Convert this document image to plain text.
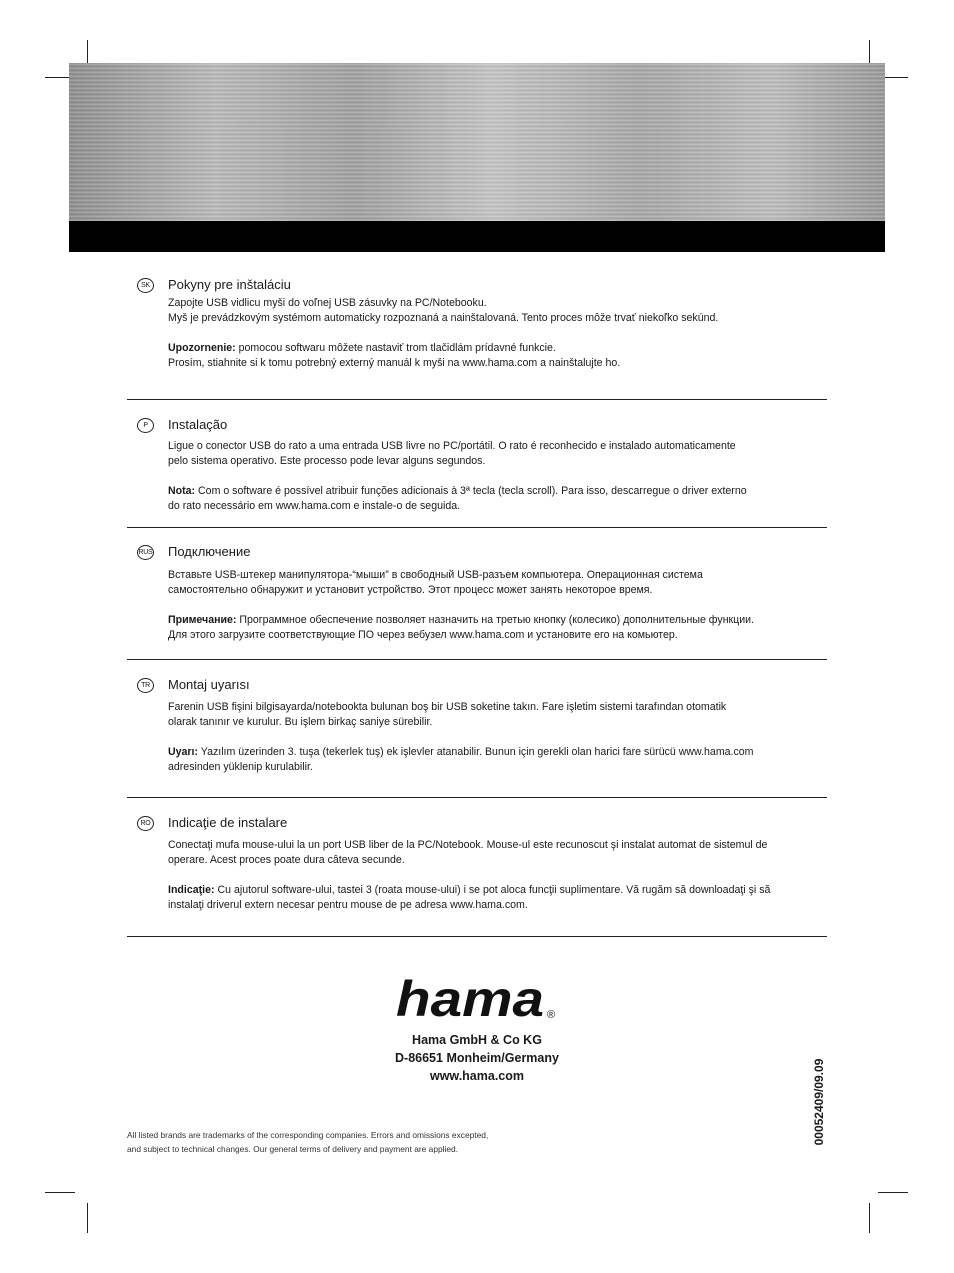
SK	Pokyny pre inštaláciu

Zapojte USB vidlicu myši do voľnej USB zásuvky na PC/Notebooku.

Myš je prevádzkovým systémom automaticky rozpoznaná a nainštalovaná. Tento proces môže trvať niekoľko sekúnd.

Upozornenie: pomocou softwaru môžete nastaviť trom tlačidlám prídavné funkcie.

Prosím, stiahnite si k tomu potrebný externý manuál k myši na www.hama.com a nainštalujte ho.

P	Instalação

Ligue o conector USB do rato a uma entrada USB livre no PC/portátil. O rato é reconhecido e instalado automaticamente

pelo sistema operativo. Este processo pode levar alguns segundos.

Nota: Com o software é possível atribuir funções adicionais à 3ª tecla (tecla scroll). Para isso, descarregue o driver externo

do rato necessário em www.hama.com e instale-o de seguida.

RUS Подключение

Вставьте USB-штекер манипулятора-“мыши” в свободный USB-разъем компьютера. Операционная система

самостоятельно обнаружит и установит устройство. Этот процесс может занять некоторое время.

Примечание: Программное обеспечение позволяет назначить на третью кнопку (колесико) дополнительные функции.

Для этого загрузите соответствующие ПО через вебузел www.hama.com и установите его на комьютер.

TR	Montaj uyarısı

Farenin USB fişini bilgisayarda/notebookta bulunan boş bir USB soketine takın. Fare işletim sistemi tarafından otomatik

olarak tanınır ve kurulur. Bu işlem birkaç saniye sürebilir.

Uyarı: Yazılım üzerinden 3. tuşa (tekerlek tuş) ek işlevler atanabilir. Bunun için gerekli olan harici fare sürücü www.hama.com

adresinden yüklenip kurulabilir.

RO Indicaţie de instalare

Conectaţi mufa mouse-ului la un port USB liber de la PC/Notebook. Mouse-ul este recunoscut şi instalat automat de sistemul de

operare. Acest proces poate dura câteva secunde.

Indicaţie: Cu ajutorul software-ului, tastei 3 (roata mouse-ului) i se pot aloca funcţii suplimentare. Vă rugăm să downloadaţi şi să

instalaţi driverul extern necesar pentru mouse de pe adresa www.hama.com.

hama ®
Hama GmbH & Co KG
D-86651 Monheim/Germany
www.hama.com	00052409/09.09
All listed brands are trademarks of the corresponding companies. Errors and omissions excepted,
and subject to technical changes. Our general terms of delivery and payment are applied.
